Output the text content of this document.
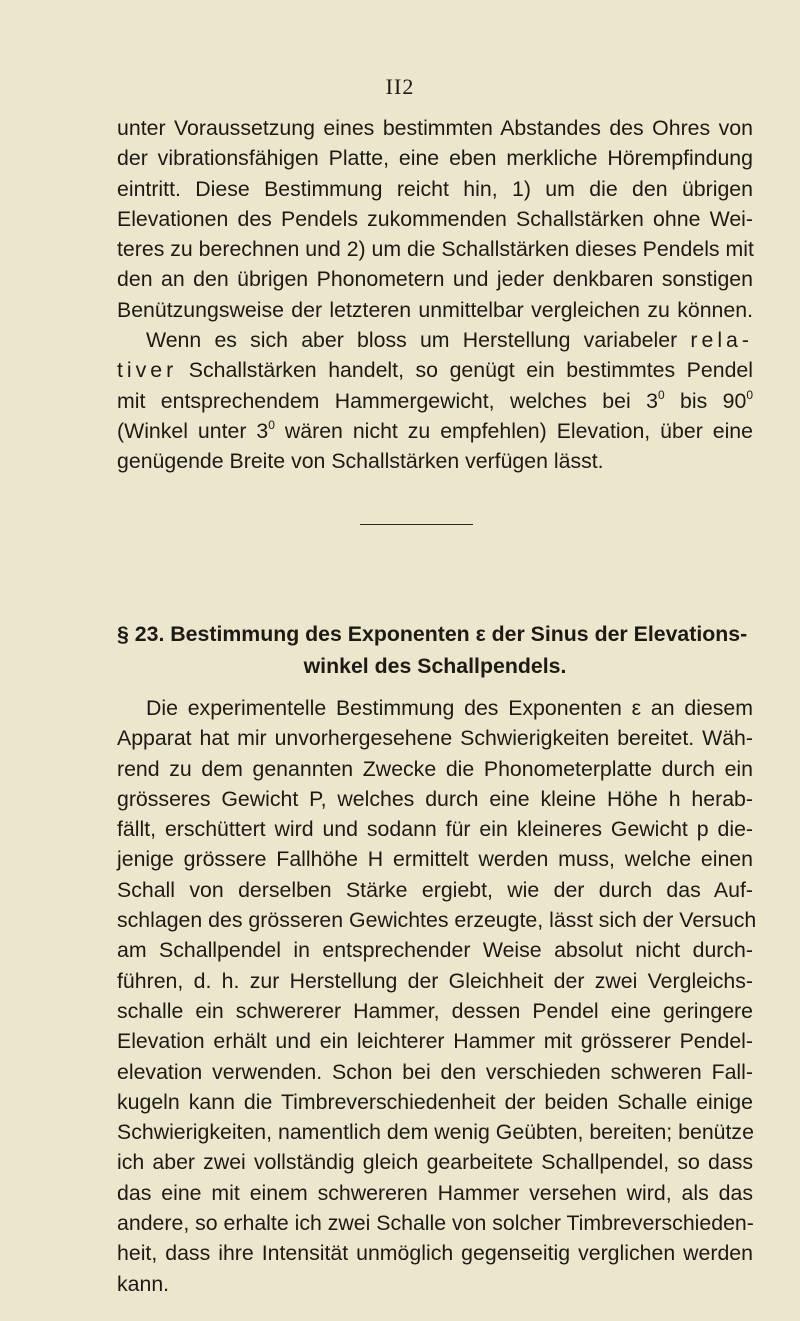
II2
unter Voraussetzung eines bestimmten Abstandes des Ohres von
der vibrationsfähigen Platte, eine eben merkliche Hörempfindung
eintritt. Diese Bestimmung reicht hin, 1) um die den übrigen
Elevationen des Pendels zukommenden Schallstärken ohne Wei-
teres zu berechnen und 2) um die Schallstärken dieses Pendels mit
den an den übrigen Phonometern und jeder denkbaren sonstigen
Benützungsweise der letzteren unmittelbar vergleichen zu können.
Wenn es sich aber bloss um Herstellung variabeler rela-
tiver Schallstärken handelt, so genügt ein bestimmtes Pendel
mit entsprechendem Hammergewicht, welches bei $3^0$ bis $90^0$
(Winkel unter $3^0$ wären nicht zu empfehlen) Elevation, über eine
genügende Breite von Schallstärken verfügen lässt.
§ 23. Bestimmung des Exponenten ε der Sinus der Elevations-
winkel des Schallpendels.
Die experimentelle Bestimmung des Exponenten ε an diesem
Apparat hat mir unvorhergesehene Schwierigkeiten bereitet. Wäh-
rend zu dem genannten Zwecke die Phonometerplatte durch ein
grösseres Gewicht P, welches durch eine kleine Höhe h herab-
fällt, erschüttert wird und sodann für ein kleineres Gewicht p die-
jenige grössere Fallhöhe H ermittelt werden muss, welche einen
Schall von derselben Stärke ergiebt, wie der durch das Auf-
schlagen des grösseren Gewichtes erzeugte, lässt sich der Versuch
am Schallpendel in entsprechender Weise absolut nicht durch-
führen, d. h. zur Herstellung der Gleichheit der zwei Vergleichs-
schalle ein schwererer Hammer, dessen Pendel eine geringere
Elevation erhält und ein leichterer Hammer mit grösserer Pendel-
elevation verwenden. Schon bei den verschieden schweren Fall-
kugeln kann die Timbreverschiedenheit der beiden Schalle einige
Schwierigkeiten, namentlich dem wenig Geübten, bereiten; benütze
ich aber zwei vollständig gleich gearbeitete Schallpendel, so dass
das eine mit einem schwereren Hammer versehen wird, als das
andere, so erhalte ich zwei Schalle von solcher Timbreverschieden-
heit, dass ihre Intensität unmöglich gegenseitig verglichen werden
kann.
